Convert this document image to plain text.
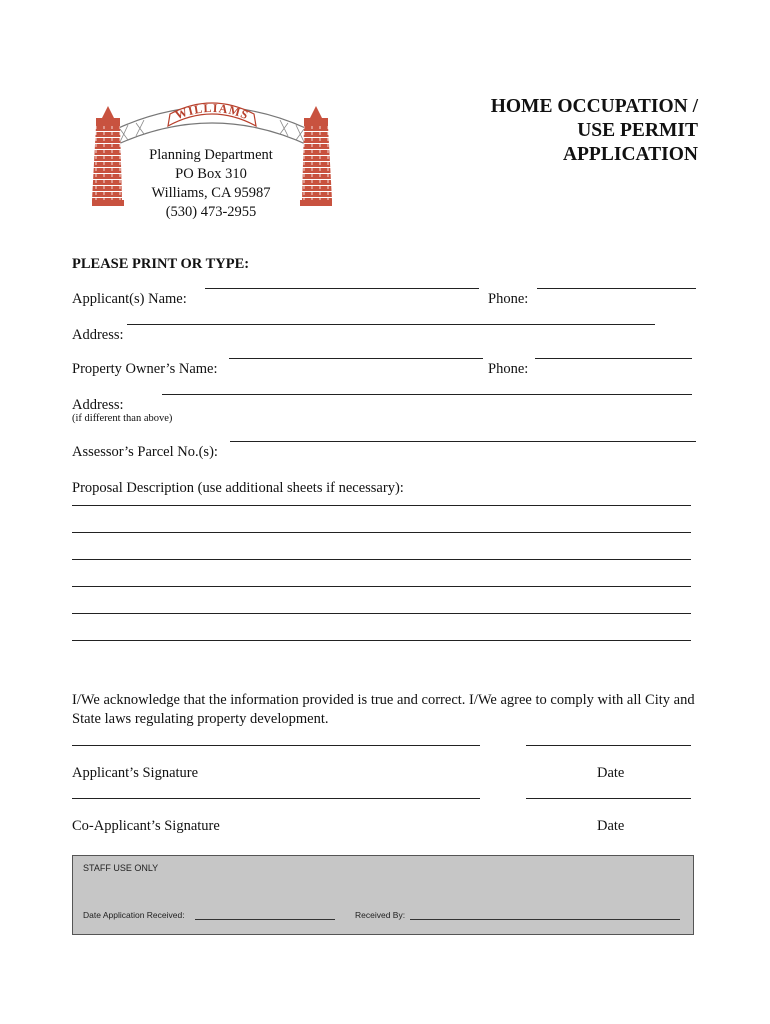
WILLIAMS
Planning Department
PO Box 310
Williams, CA 95987
(530) 473-2955
HOME OCCUPATION /
USE PERMIT
APPLICATION
PLEASE PRINT OR TYPE:
Applicant(s) Name:	Phone:
Address:
Property Owner’s Name:	Phone:
Address:
(if different than above)
Assessor’s Parcel No.(s):
Proposal Description (use additional sheets if necessary):
I/We acknowledge that the information provided is true and correct. I/We agree to comply with all City and State laws regulating property development.
Applicant’s Signature	Date
Co-Applicant’s Signature	Date
STAFF USE ONLY
Date Application Received:	Received By:
